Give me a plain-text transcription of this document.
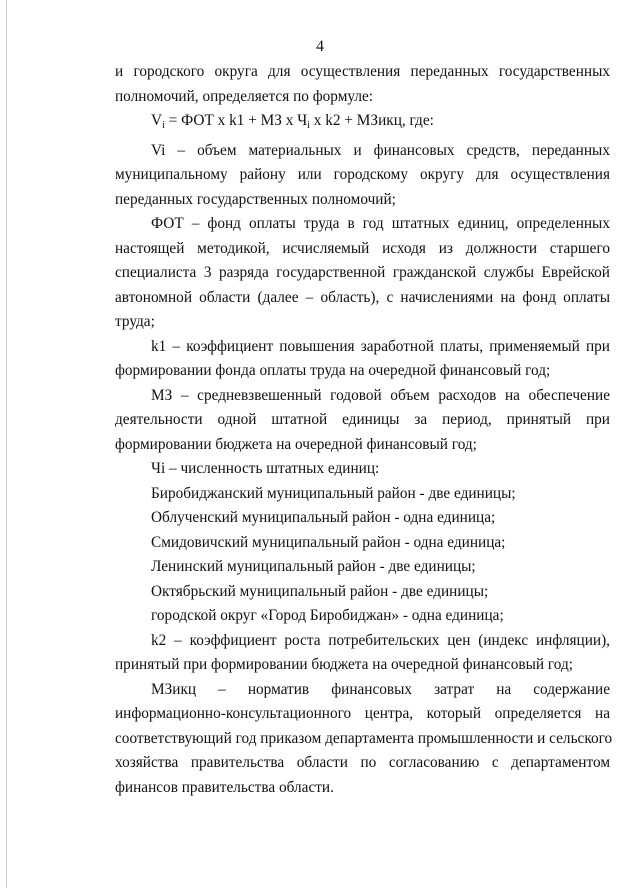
4
и городского округа для осуществления переданных государственных
полномочий, определяется по формуле:
$V_i$ = ФОТ x k1 + МЗ x $Ч_i$ x k2 + МЗикц, где:
Vi – объем материальных и финансовых средств, переданных
муниципальному району или городскому округу для осуществления
переданных государственных полномочий;
ФОТ – фонд оплаты труда в год штатных единиц, определенных
настоящей методикой, исчисляемый исходя из должности старшего
специалиста 3 разряда государственной гражданской службы Еврейской
автономной области (далее – область), с начислениями на фонд оплаты
труда;
k1 – коэффициент повышения заработной платы, применяемый при
формировании фонда оплаты труда на очередной финансовый год;
МЗ – средневзвешенный годовой объем расходов на обеспечение
деятельности одной штатной единицы за период, принятый при
формировании бюджета на очередной финансовый год;
Чi – численность штатных единиц:
Биробиджанский муниципальный район - две единицы;
Облученский муниципальный район - одна единица;
Смидовичский муниципальный район - одна единица;
Ленинский муниципальный район - две единицы;
Октябрьский муниципальный район - две единицы;
городской округ «Город Биробиджан» - одна единица;
k2 – коэффициент роста потребительских цен (индекс инфляции),
принятый при формировании бюджета на очередной финансовый год;
МЗикц – норматив финансовых затрат на содержание
информационно-консультационного центра, который определяется на
соответствующий год приказом департамента промышленности и сельского
хозяйства правительства области по согласованию с департаментом
финансов правительства области.
